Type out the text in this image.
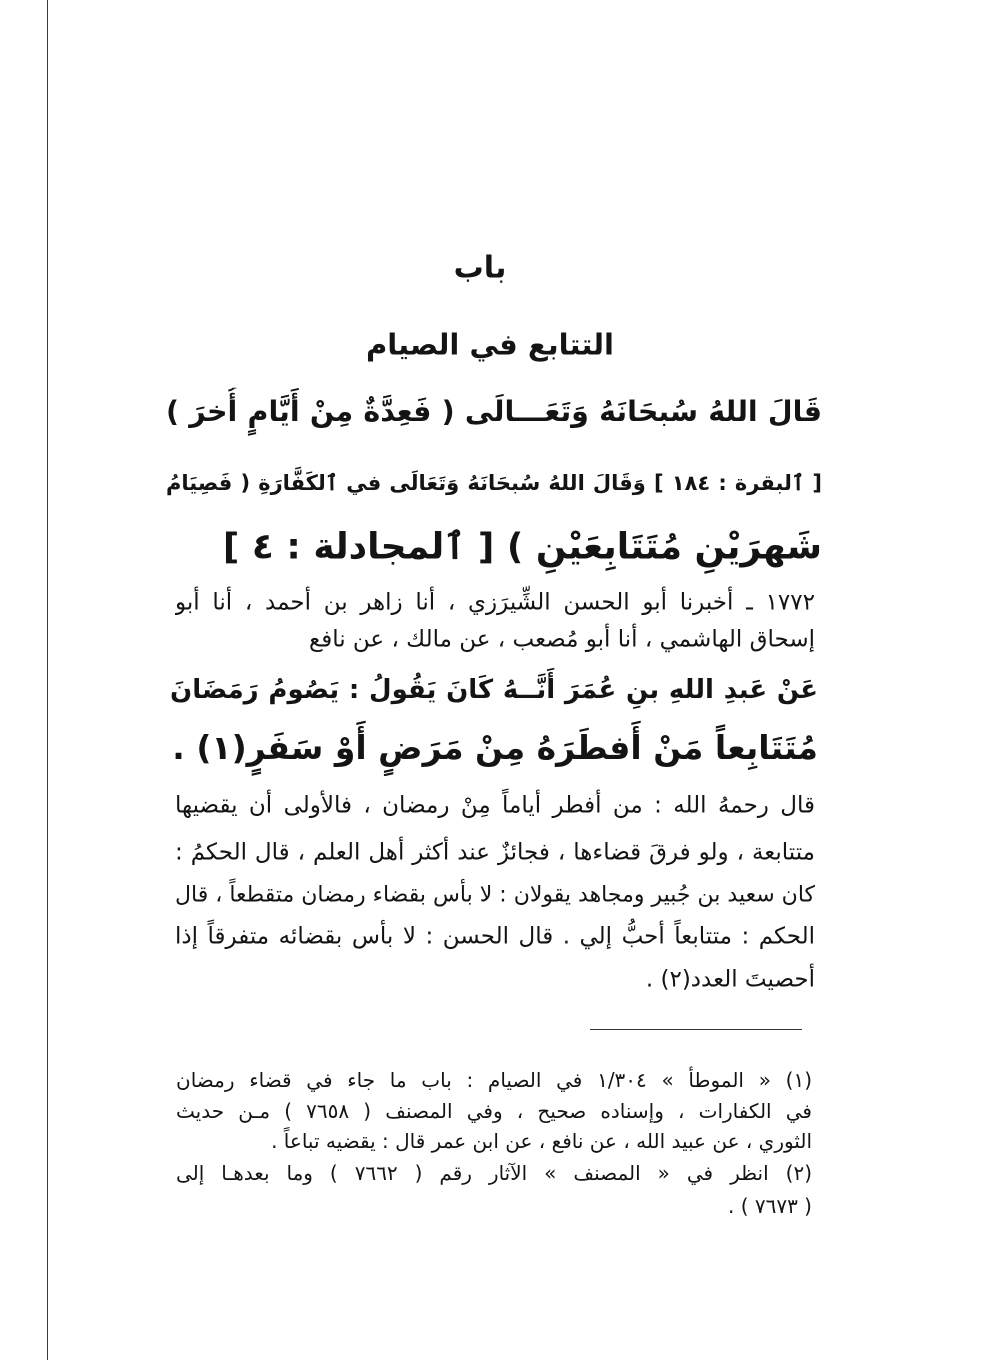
باب
التتابع في الصيام
قَالَ اللهُ سُبحَانَهُ وَتَعَـــالَى ( فَعِدَّةٌ مِنْ أَيَّامٍ أُخرَ )
[ ٱلبقرة : ١٨٤ ] وَقَالَ اللهُ سُبحَانَهُ وَتَعَالَى في ٱلكَفَّارَةِ ( فَصِيَامُ
شَهرَيْنِ مُتَتَابِعَيْنِ ) [ ٱلمجادلة : ٤ ]
١٧٧٢ ـ أخبرنا أبو الحسن الشِّيرَزي ، أنا زاهر بن أحمد ، أنا أبو
إسحاق الهاشمي ، أنا أبو مُصعب ، عن مالك ، عن نافع
عَنْ عَبدِ اللهِ بنِ عُمَرَ أَنَّــهُ كَانَ يَقُولُ : يَصُومُ رَمَضَانَ
مُتَتَابِعاً مَنْ أَفطَرَهُ مِنْ مَرَضٍ أَوْ سَفَرٍ(١) .
قال رحمهُ الله : من أفطر أياماً مِنْ رمضان ، فالأولى أن يقضيها
متتابعة ، ولو فرقَ قضاءها ، فجائزٌ عند أكثر أهل العلم ، قال الحكمُ :
كان سعيد بن جُبير ومجاهد يقولان : لا بأس بقضاء رمضان متقطعاً ، قال
الحكم : متتابعاً أحبُّ إلي . قال الحسن : لا بأس بقضائه متفرقاً إذا
أحصيتَ العدد(٢) .
(١) « الموطأ » ١/٣٠٤ في الصيام : باب ما جاء في قضاء رمضان
في الكفارات ، وإسناده صحيح ، وفي المصنف ( ٧٦٥٨ ) مـن حديث
الثوري ، عن عبيد الله ، عن نافع ، عن ابن عمر قال : يقضيه تباعاً .
(٢) انظر في « المصنف » الآثار رقم ( ٧٦٦٢ ) وما بعدهـا إلى
( ٧٦٧٣ ) .
